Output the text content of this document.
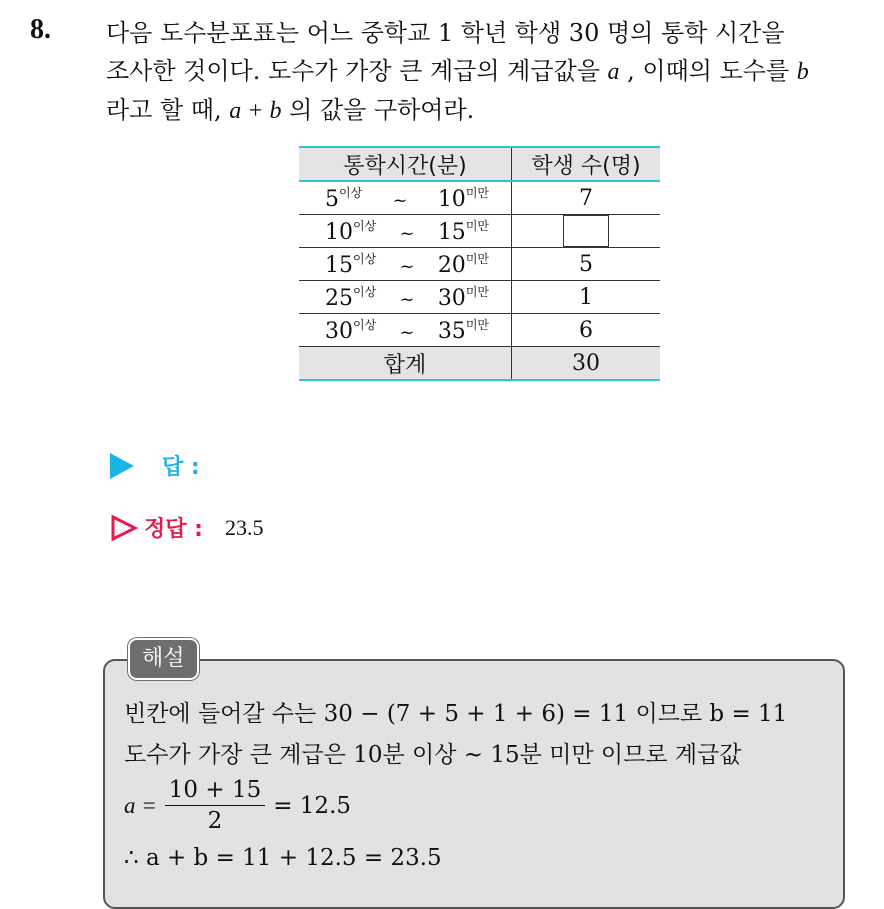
8. 다음 도수분포표는 어느 중학교 1 학년 학생 30 명의 통학 시간을
조사한 것이다. 도수가 가장 큰 계급의 계급값을 a , 이때의 도수를 b
라고 할 때, a + b 의 값을 구하여라.
통학시간(분)	학생 수(명)

$5^{이상}$ ~ $10^{미만}$	7

$10^{이상}$ ~ $15^{미만}$

$15^{이상}$ ~ $20^{미만}$	5

$25^{이상}$ ~ $30^{미만}$	1

$30^{이상}$ ~ $35^{미만}$	6
합계	30
답 :
정답 : 23.5
해설
빈칸에 들어갈 수는 30 − (7 + 5 + 1 + 6) = 11 이므로 b = 11
도수가 가장 큰 계급은 10분 이상 ~ 15분 미만 이므로 계급값
$a = \frac{10 + 15}{2} = 12.5$
∴ a + b = 11 + 12.5 = 23.5
